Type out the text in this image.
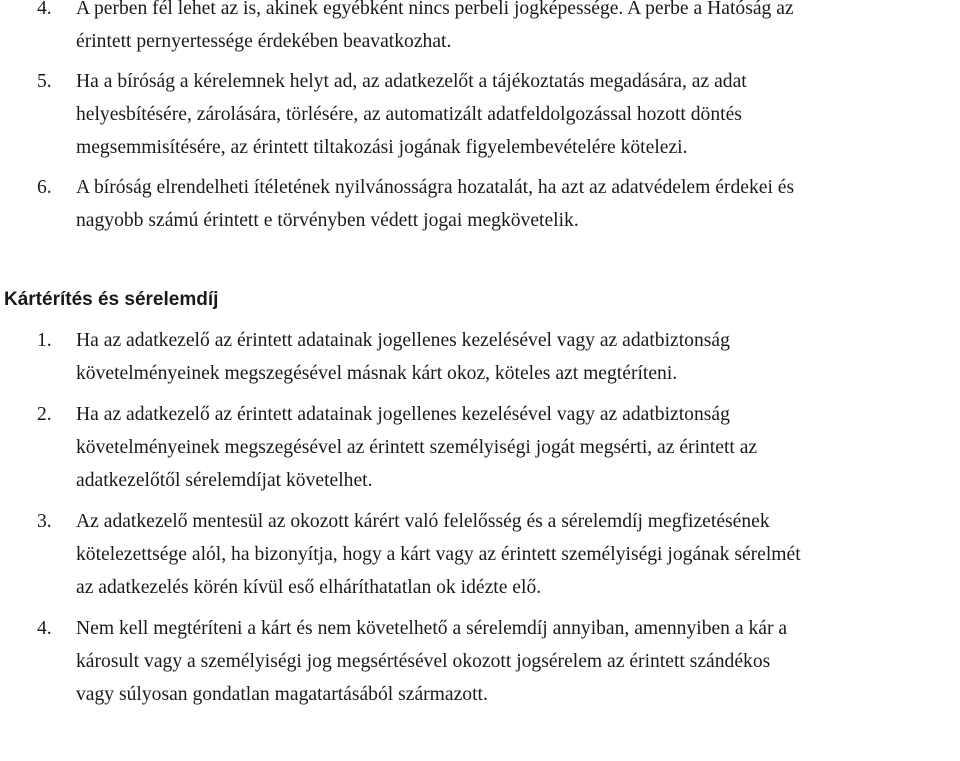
4. A perben fél lehet az is, akinek egyébként nincs perbeli jogképessége. A perbe a Hatóság az
érintett pernyertessége érdekében beavatkozhat.
5. Ha a bíróság a kérelemnek helyt ad, az adatkezelőt a tájékoztatás megadására, az adat
helyesbítésére, zárolására, törlésére, az automatizált adatfeldolgozással hozott döntés
megsemmisítésére, az érintett tiltakozási jogának figyelembevételére kötelezi.
6. A bíróság elrendelheti ítéletének nyilvánosságra hozatalát, ha azt az adatvédelem érdekei és
nagyobb számú érintett e törvényben védett jogai megkövetelik.
Kártérítés és sérelemdíj
1. Ha az adatkezelő az érintett adatainak jogellenes kezelésével vagy az adatbiztonság
követelményeinek megszegésével másnak kárt okoz, köteles azt megtéríteni.
2. Ha az adatkezelő az érintett adatainak jogellenes kezelésével vagy az adatbiztonság
követelményeinek megszegésével az érintett személyiségi jogát megsérti, az érintett az
adatkezelőtől sérelemdíjat követelhet.
3. Az adatkezelő mentesül az okozott kárért való felelősség és a sérelemdíj megfizetésének
kötelezettsége alól, ha bizonyítja, hogy a kárt vagy az érintett személyiségi jogának sérelmét
az adatkezelés körén kívül eső elháríthatatlan ok idézte elő.
4. Nem kell megtéríteni a kárt és nem követelhető a sérelemdíj annyiban, amennyiben a kár a
károsult vagy a személyiségi jog megsértésével okozott jogsérelem az érintett szándékos
vagy súlyosan gondatlan magatartásából származott.
